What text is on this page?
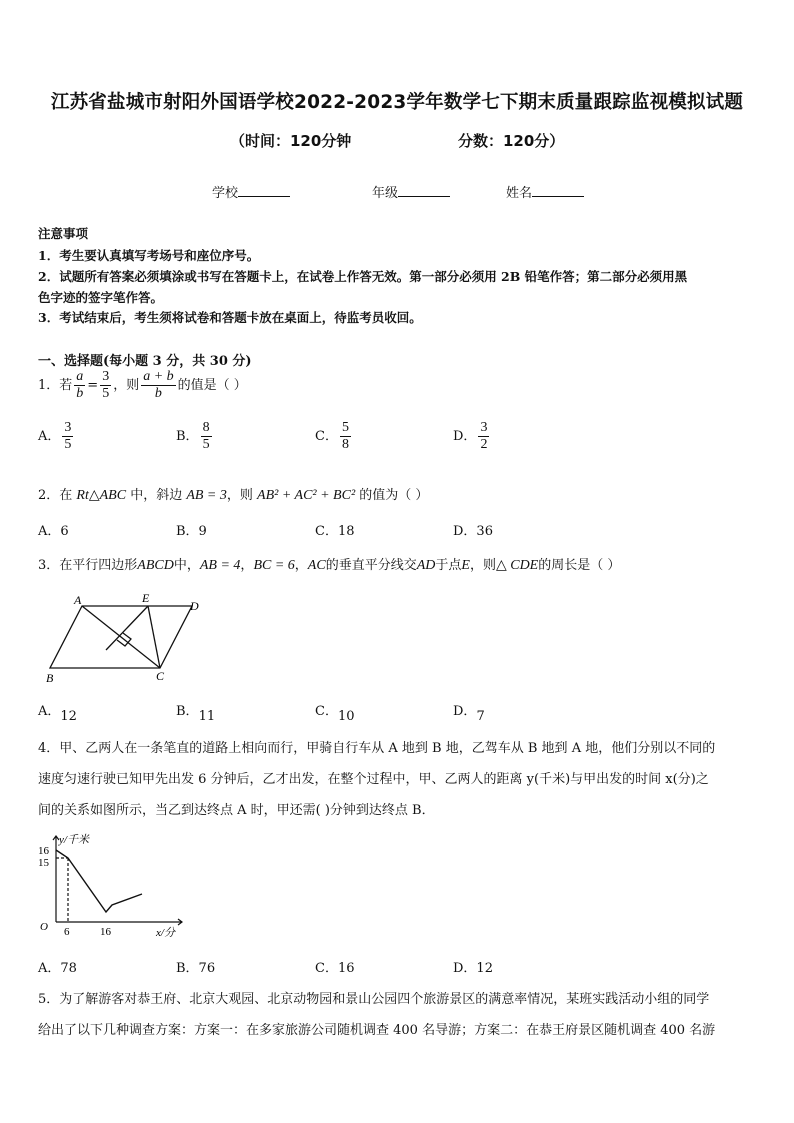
江苏省盐城市射阳外国语学校2022-2023学年数学七下期末质量跟踪监视模拟试题
（时间：120分钟	分数：120分）
学校	年级	姓名
注意事项
1．考生要认真填写考场号和座位序号。
2．试题所有答案必须填涂或书写在答题卡上，在试卷上作答无效。第一部分必须用 2B 铅笔作答；第二部分必须用黑
色字迹的签字笔作答。
3．考试结束后，考生须将试卷和答题卡放在桌面上，待监考员收回。
一、选择题(每小题 3 分，共 30 分)
1．若 $\frac{a}{b} = \frac{3}{5}$ ，则 $\frac{a + b}{b}$ 的值是（ ）
A． $\frac{3}{5}$	B． $\frac{8}{5}$	C． $\frac{5}{8}$	D． $\frac{3}{2}$
2．在 Rt△ABC 中，斜边 AB = 3，则 AB² + AC² + BC² 的值为（ ）
A．6	B．9	C．18	D．36
3．在平行四边形ABCD中，AB = 4，BC = 6，AC的垂直平分线交AD于点E，则△ CDE的周长是（ ）
A	E
D
B	C
A．12	B．11	C．10	D．7
4．甲、乙两人在一条笔直的道路上相向而行，甲骑自行车从 A 地到 B 地，乙驾车从 B 地到 A 地，他们分别以不同的
速度匀速行驶已知甲先出发 6 分钟后，乙才出发，在整个过程中，甲、乙两人的距离 y(千米)与甲出发的时间 x(分)之
间的关系如图所示，当乙到达终点 A 时，甲还需( )分钟到达终点 B．
y/千米
x/分
16
15
O 6	16
A．78	B．76	C．16	D．12
5．为了解游客对恭王府、北京大观园、北京动物园和景山公园四个旅游景区的满意率情况，某班实践活动小组的同学
给出了以下几种调查方案：方案一：在多家旅游公司随机调查 400 名导游；方案二：在恭王府景区随机调查 400 名游
